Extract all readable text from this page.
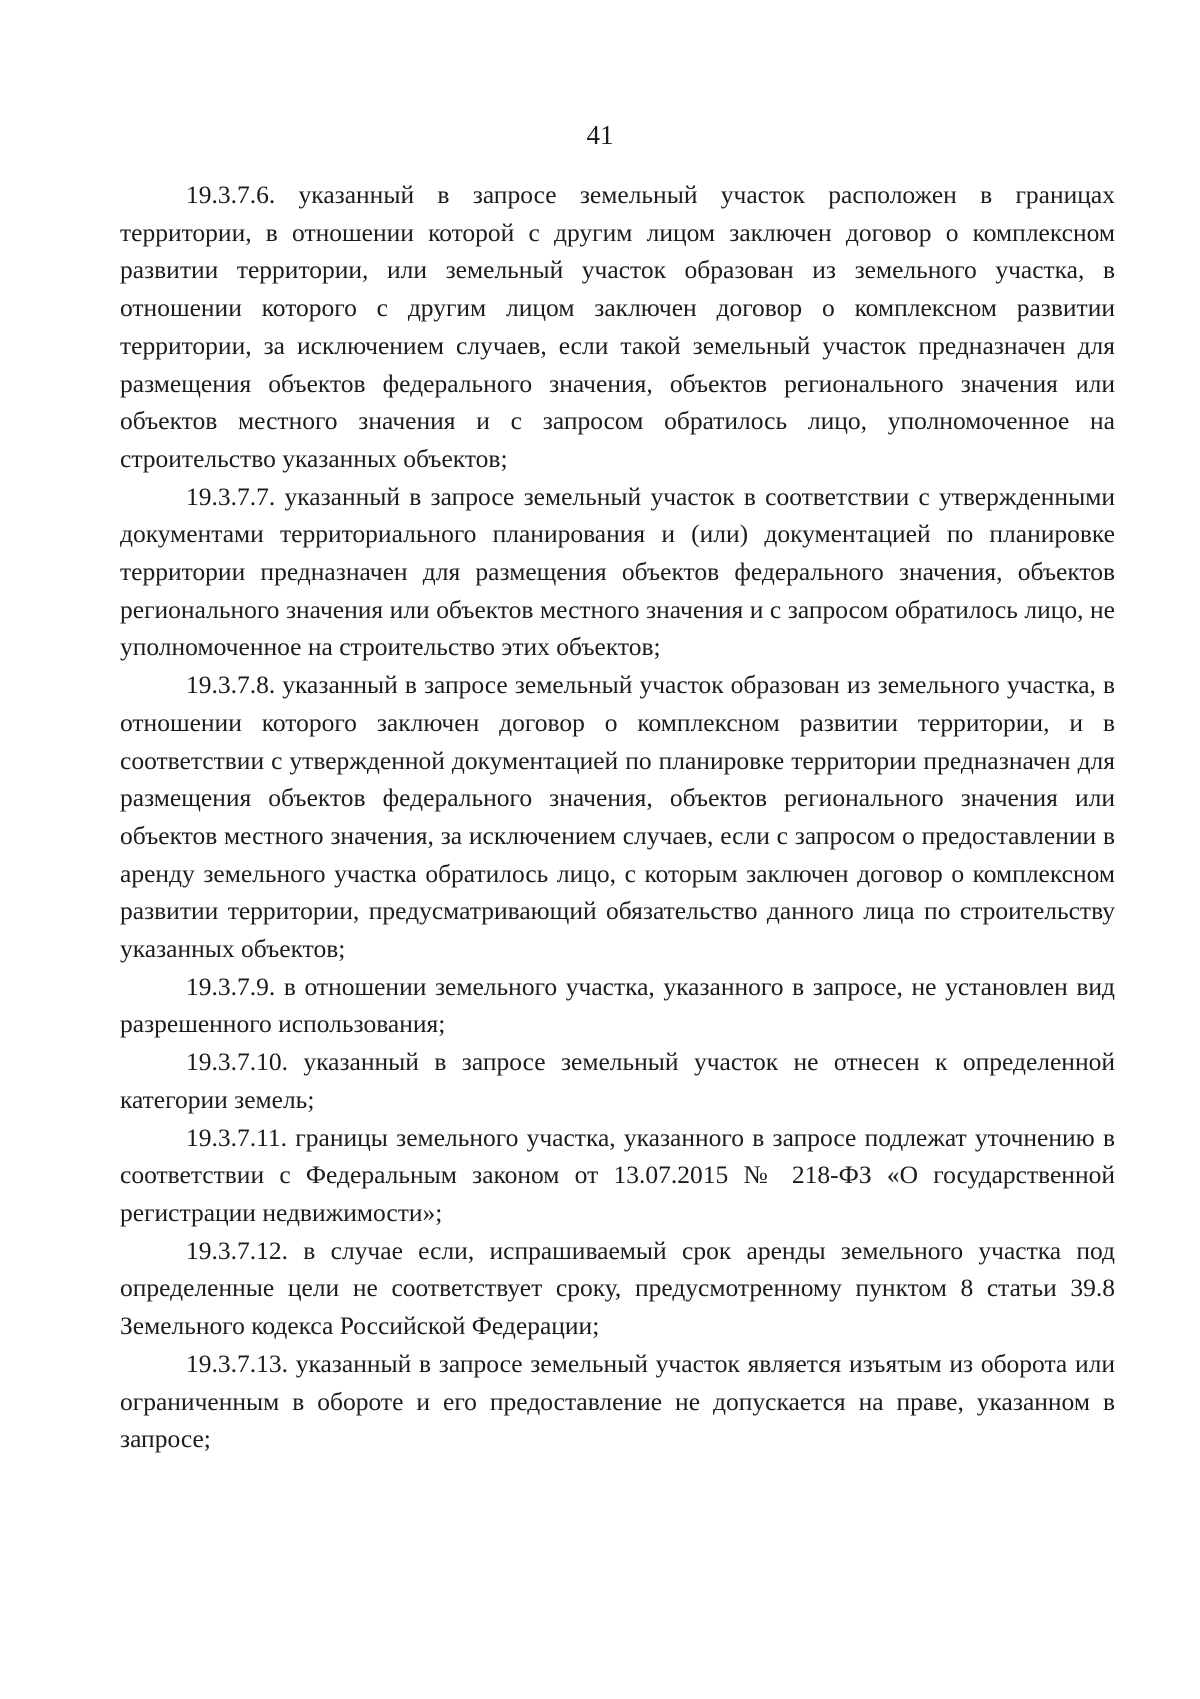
41

19.3.7.6. указанный в запросе земельный участок расположен в границах территории, в отношении которой с другим лицом заключен договор о комплексном развитии территории, или земельный участок образован из земельного участка, в отношении которого с другим лицом заключен договор о комплексном развитии территории, за исключением случаев, если такой земельный участок предназначен для размещения объектов федерального значения, объектов регионального значения или объектов местного значения и с запросом обратилось лицо, уполномоченное на строительство указанных объектов;

19.3.7.7. указанный в запросе земельный участок в соответствии с утвержденными документами территориального планирования и (или) документацией по планировке территории предназначен для размещения объектов федерального значения, объектов регионального значения или объектов местного значения и с запросом обратилось лицо, не уполномоченное на строительство этих объектов;

19.3.7.8. указанный в запросе земельный участок образован из земельного участка, в отношении которого заключен договор о комплексном развитии территории, и в соответствии с утвержденной документацией по планировке территории предназначен для размещения объектов федерального значения, объектов регионального значения или объектов местного значения, за исключением случаев, если с запросом о предоставлении в аренду земельного участка обратилось лицо, с которым заключен договор о комплексном развитии территории, предусматривающий обязательство данного лица по строительству указанных объектов;

19.3.7.9. в отношении земельного участка, указанного в запросе, не установлен вид разрешенного использования;

19.3.7.10. указанный в запросе земельный участок не отнесен к определенной категории земель;

19.3.7.11. границы земельного участка, указанного в запросе подлежат уточнению в соответствии с Федеральным законом от 13.07.2015 № 218-ФЗ «О государственной регистрации недвижимости»;

19.3.7.12. в случае если, испрашиваемый срок аренды земельного участка под определенные цели не соответствует сроку, предусмотренному пунктом 8 статьи 39.8 Земельного кодекса Российской Федерации;

19.3.7.13. указанный в запросе земельный участок является изъятым из оборота или ограниченным в обороте и его предоставление не допускается на праве, указанном в запросе;
